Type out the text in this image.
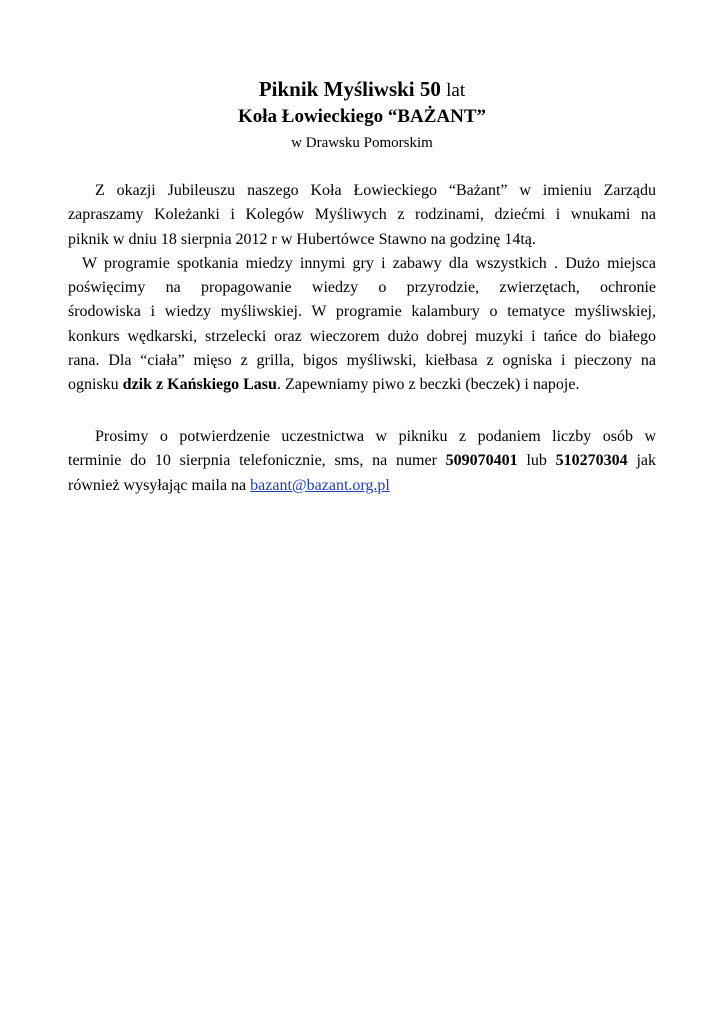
Piknik Myśliwski 50 lat
Koła Łowieckiego “BAŻANT”
w Drawsku Pomorskim
Z okazji Jubileuszu naszego Koła Łowieckiego “Bażant” w imieniu Zarządu
zapraszamy Koleżanki i Kolegów Myśliwych z rodzinami, dziećmi i wnukami na
piknik w dniu 18 sierpnia 2012 r w Hubertówce Stawno na godzinę 14tą.
W programie spotkania miedzy innymi gry i zabawy dla wszystkich . Dużo miejsca
poświęcimy na propagowanie wiedzy o przyrodzie, zwierzętach, ochronie
środowiska i wiedzy myśliwskiej. W programie kalambury o tematyce myśliwskiej,
konkurs wędkarski, strzelecki oraz wieczorem dużo dobrej muzyki i tańce do białego
rana. Dla “ciała” mięso z grilla, bigos myśliwski, kiełbasa z ogniska i pieczony na
ognisku dzik z Kańskiego Lasu. Zapewniamy piwo z beczki (beczek) i napoje.
Prosimy o potwierdzenie uczestnictwa w pikniku z podaniem liczby osób w
terminie do 10 sierpnia telefonicznie, sms, na numer 509070401 lub 510270304 jak
również wysyłając maila na bazant@bazant.org.pl
